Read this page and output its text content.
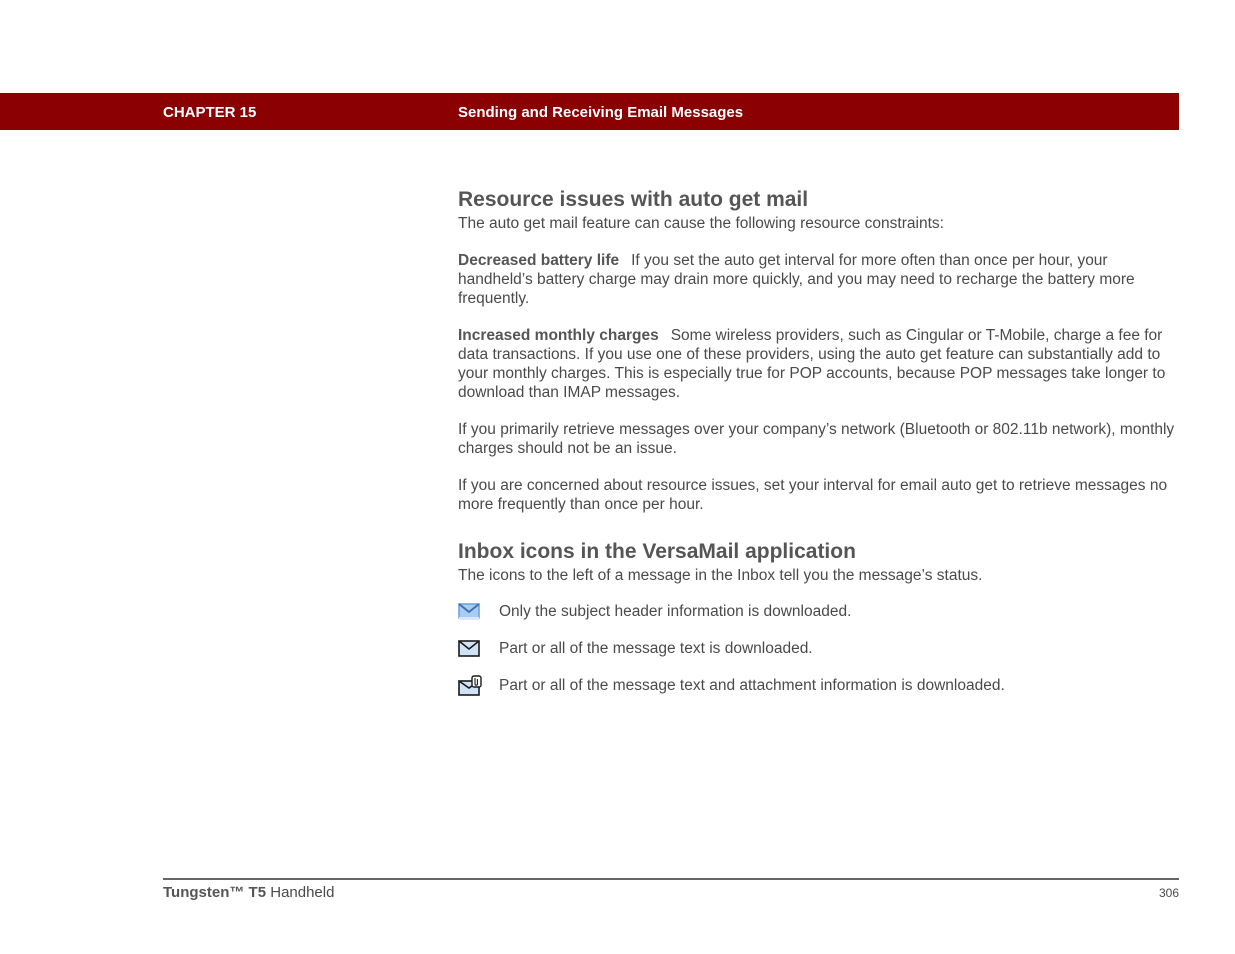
CHAPTER 15	Sending and Receiving Email Messages
Resource issues with auto get mail

The auto get mail feature can cause the following resource constraints:

Decreased battery life If you set the auto get interval for more often than once per hour, your handheld’s battery charge may drain more quickly, and you may need to recharge the battery more frequently.

Increased monthly charges Some wireless providers, such as Cingular or T-Mobile, charge a fee for data transactions. If you use one of these providers, using the auto get feature can substantially add to your monthly charges. This is especially true for POP accounts, because POP messages take longer to download than IMAP messages.

If you primarily retrieve messages over your company’s network (Bluetooth or 802.11b network), monthly charges should not be an issue.

If you are concerned about resource issues, set your interval for email auto get to retrieve messages no more frequently than once per hour.

Inbox icons in the VersaMail application

The icons to the left of a message in the Inbox tell you the message’s status.

Only the subject header information is downloaded.
Part or all of the message text is downloaded.
Part or all of the message text and attachment information is downloaded.
Tungsten™ T5 Handheld	306
